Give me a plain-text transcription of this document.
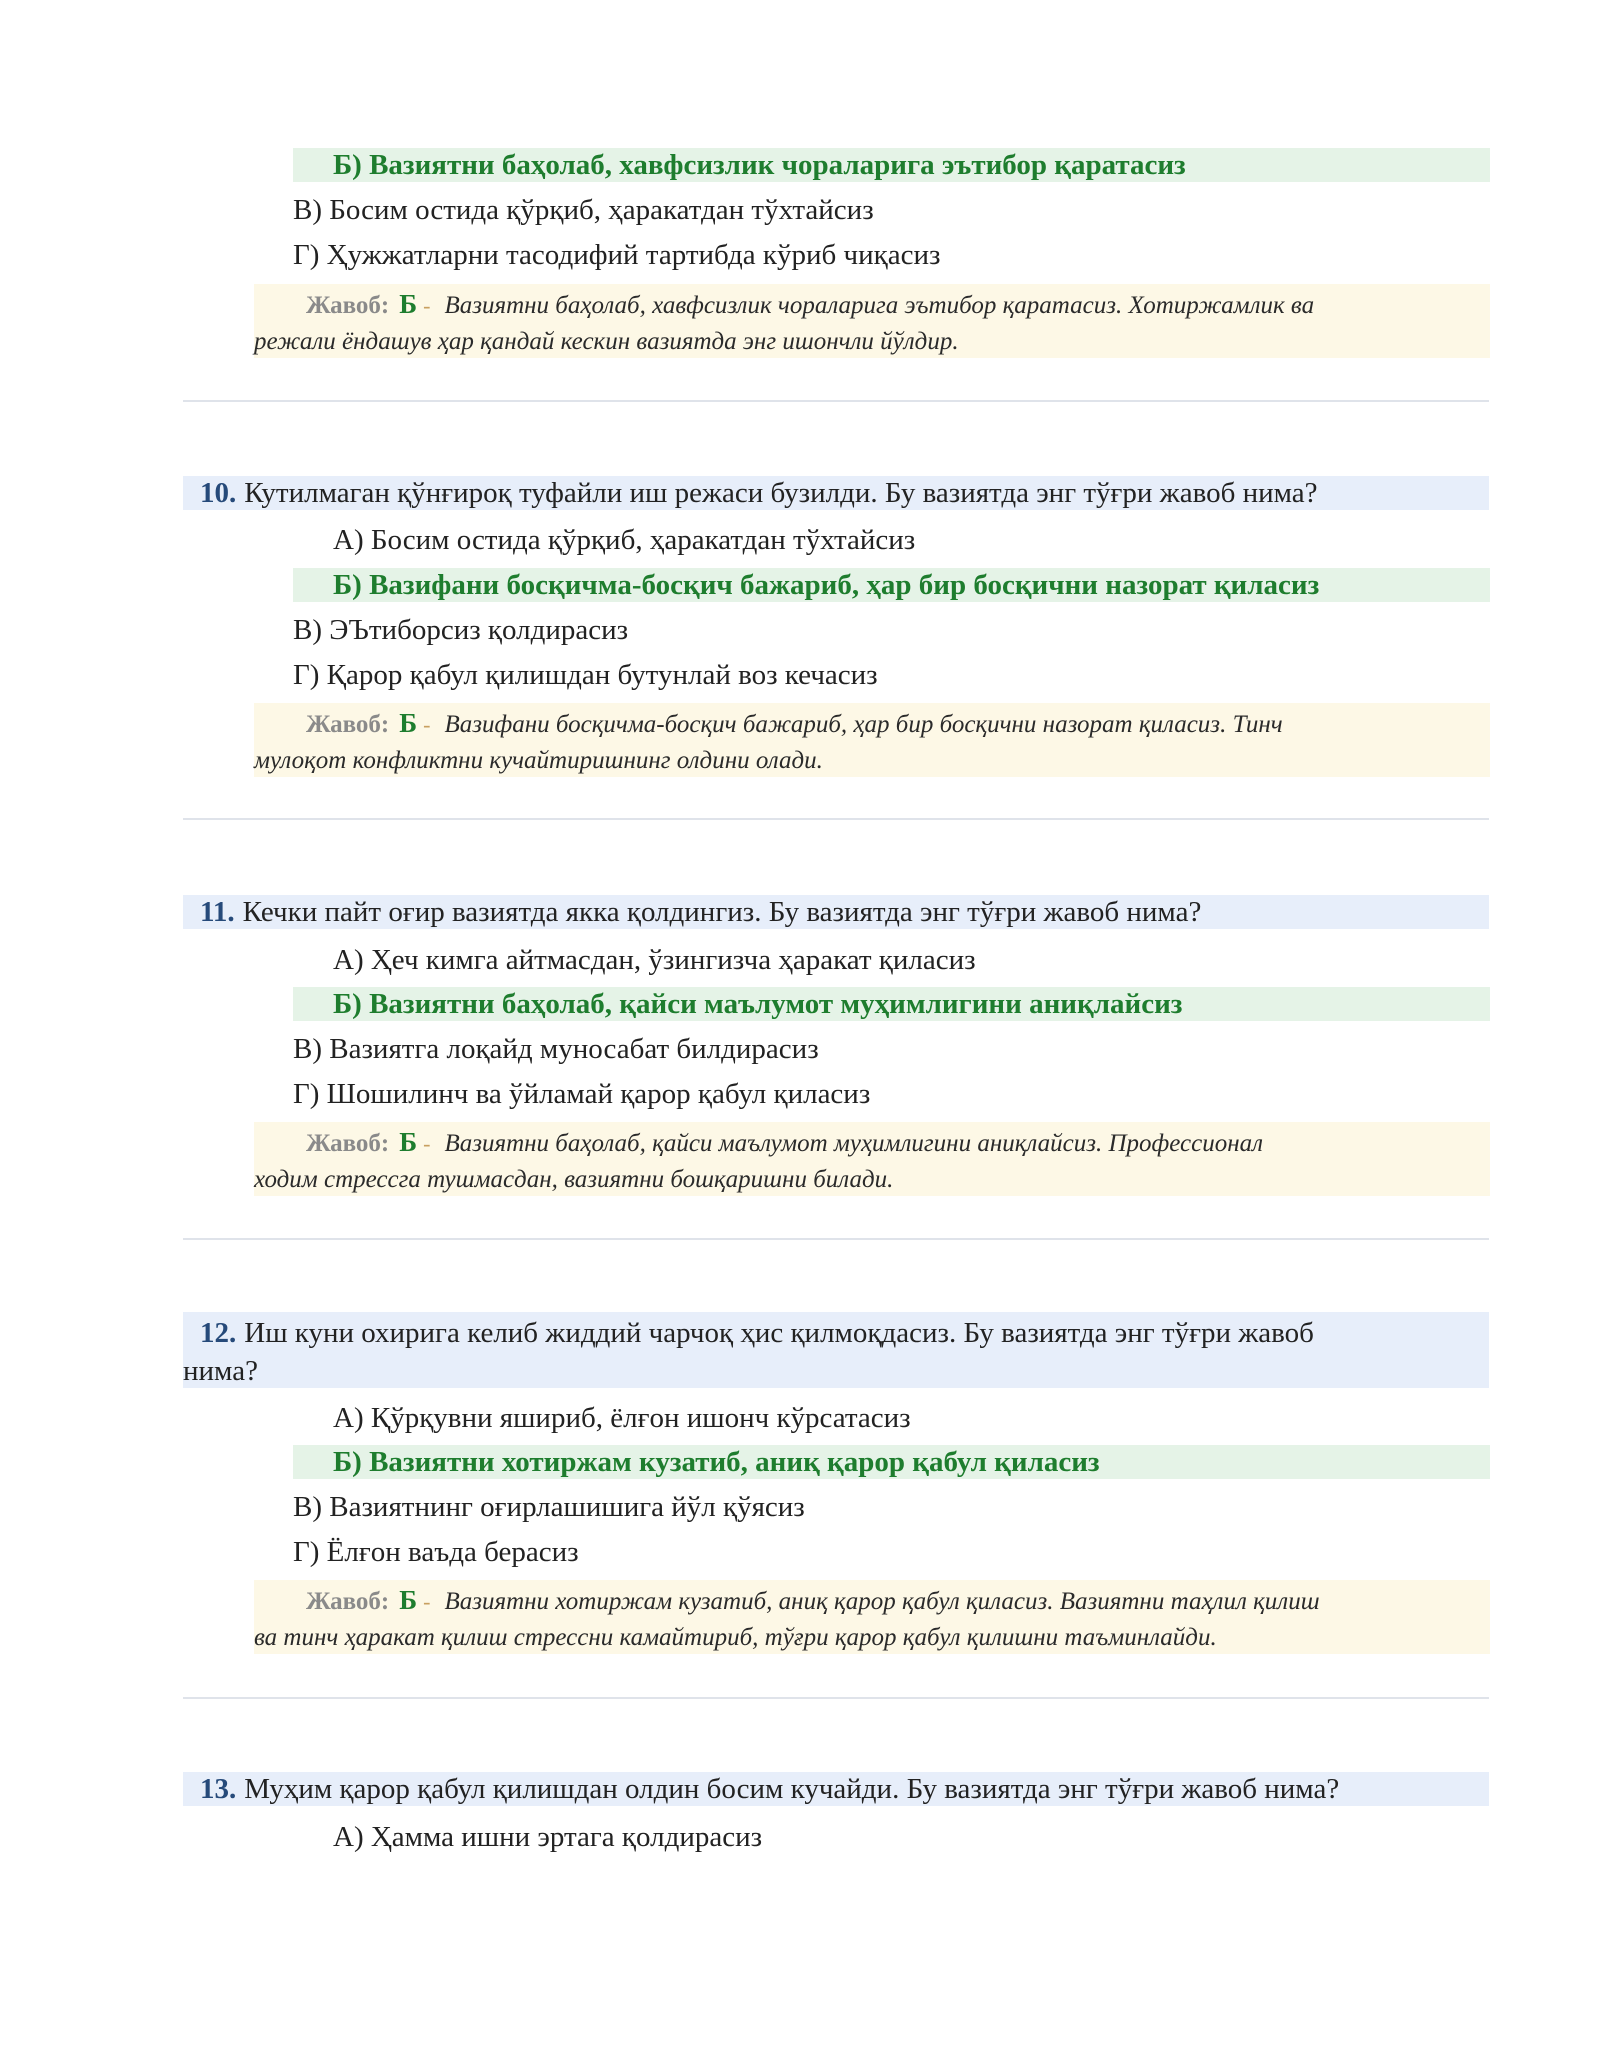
Б) Вазиятни баҳолаб, хавфсизлик чораларига эътибор қаратасиз
В) Босим остида қўрқиб, ҳаракатдан тўхтайсиз
Г) Ҳужжатларни тасодифий тартибда кўриб чиқасиз
Жавоб: Б - Вазиятни баҳолаб, хавфсизлик чораларига эътибор қаратасиз. Хотиржамлик ва
режали ёндашув ҳар қандай кескин вазиятда энг ишончли йўлдир.
10. Кутилмаган қўнғироқ туфайли иш режаси бузилди. Бу вазиятда энг тўғри жавоб нима?
А) Босим остида қўрқиб, ҳаракатдан тўхтайсиз
Б) Вазифани босқичма-босқич бажариб, ҳар бир босқични назорат қиласиз
В) ЭЪтиборсиз қолдирасиз
Г) Қарор қабул қилишдан бутунлай воз кечасиз
Жавоб: Б - Вазифани босқичма-босқич бажариб, ҳар бир босқични назорат қиласиз. Тинч
мулоқот конфликтни кучайтиришнинг олдини олади.
11. Кечки пайт оғир вазиятда якка қолдингиз. Бу вазиятда энг тўғри жавоб нима?
А) Ҳеч кимга айтмасдан, ўзингизча ҳаракат қиласиз
Б) Вазиятни баҳолаб, қайси маълумот муҳимлигини аниқлайсиз
В) Вазиятга лоқайд муносабат билдирасиз
Г) Шошилинч ва ўйламай қарор қабул қиласиз
Жавоб: Б - Вазиятни баҳолаб, қайси маълумот муҳимлигини аниқлайсиз. Профессионал
ходим стрессга тушмасдан, вазиятни бошқаришни билади.
12. Иш куни охирига келиб жиддий чарчоқ ҳис қилмоқдасиз. Бу вазиятда энг тўғри жавоб
нима?
А) Қўрқувни яшириб, ёлғон ишонч кўрсатасиз
Б) Вазиятни хотиржам кузатиб, аниқ қарор қабул қиласиз
В) Вазиятнинг оғирлашишига йўл қўясиз
Г) Ёлғон ваъда берасиз
Жавоб: Б - Вазиятни хотиржам кузатиб, аниқ қарор қабул қиласиз. Вазиятни таҳлил қилиш
ва тинч ҳаракат қилиш стрессни камайтириб, тўғри қарор қабул қилишни таъминлайди.
13. Муҳим қарор қабул қилишдан олдин босим кучайди. Бу вазиятда энг тўғри жавоб нима?
А) Ҳамма ишни эртага қолдирасиз
